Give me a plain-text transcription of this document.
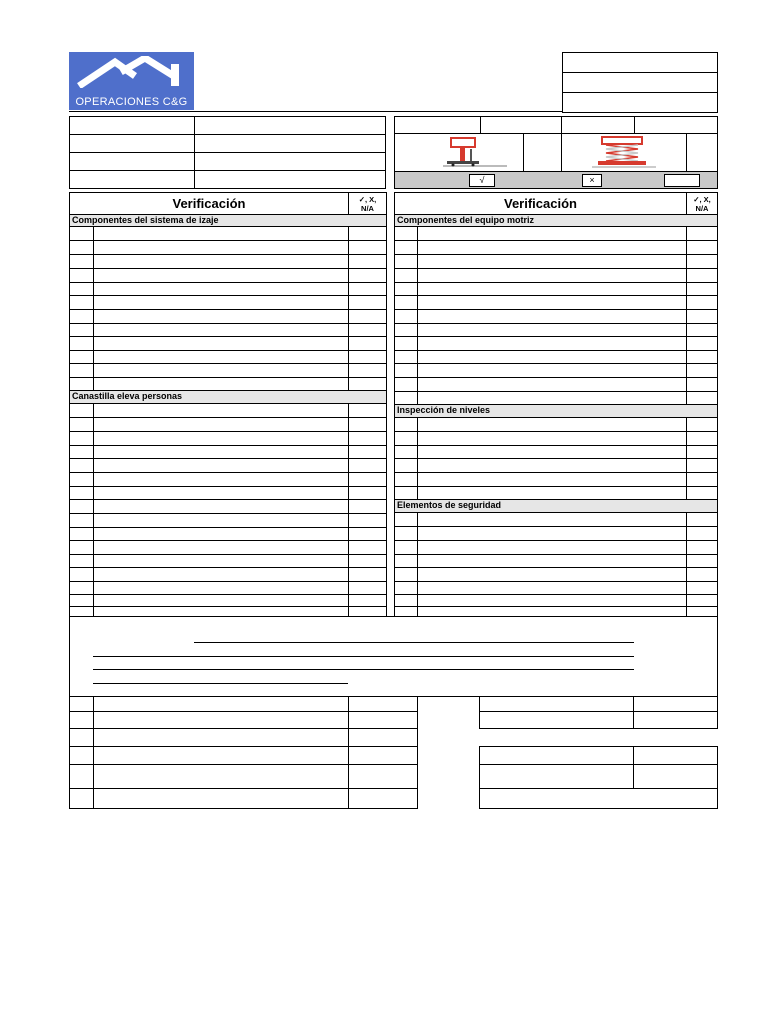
OPERACIONES C&G
√	×
Verificación	✓, X,
N/A
Componentes del sistema de izaje
Canastilla eleva personas
Verificación	✓, X,
N/A
Componentes del equipo motriz
Inspección de niveles
Elementos de seguridad
